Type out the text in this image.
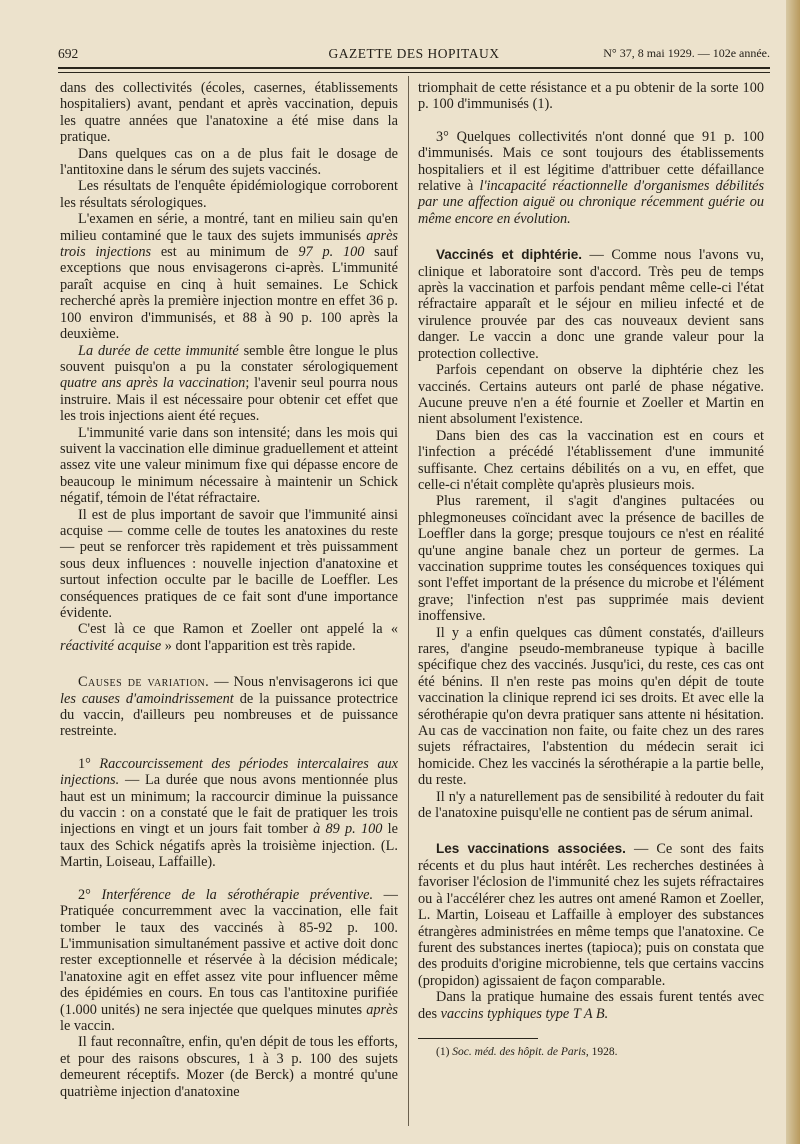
692	GAZETTE DES HOPITAUX	N° 37, 8 mai 1929. — 102e année.

dans des collectivités (écoles, casernes, établissements hospitaliers) avant, pendant et après vaccination, depuis les quatre années que l'anatoxine a été mise dans la pratique.

Dans quelques cas on a de plus fait le dosage de l'antitoxine dans le sérum des sujets vaccinés.

Les résultats de l'enquête épidémiologique corroborent les résultats sérologiques.

L'examen en série, a montré, tant en milieu sain qu'en milieu contaminé que le taux des sujets immunisés après trois injections est au minimum de 97 p. 100 sauf exceptions que nous envisagerons ci-après. L'immunité paraît acquise en cinq à huit semaines. Le Schick recherché après la première injection montre en effet 36 p. 100 environ d'immunisés, et 88 à 90 p. 100 après la deuxième.

La durée de cette immunité semble être longue le plus souvent puisqu'on a pu la constater sérologiquement quatre ans après la vaccination; l'avenir seul pourra nous instruire. Mais il est nécessaire pour obtenir cet effet que les trois injections aient été reçues.

L'immunité varie dans son intensité; dans les mois qui suivent la vaccination elle diminue graduellement et atteint assez vite une valeur minimum fixe qui dépasse encore de beaucoup le minimum nécessaire à maintenir un Schick négatif, témoin de l'état réfractaire.

Il est de plus important de savoir que l'immunité ainsi acquise — comme celle de toutes les anatoxines du reste — peut se renforcer très rapidement et très puissamment sous deux influences : nouvelle injection d'anatoxine et surtout infection occulte par le bacille de Loeffler. Les conséquences pratiques de ce fait sont d'une importance évidente.

C'est là ce que Ramon et Zoeller ont appelé la « réactivité acquise » dont l'apparition est très rapide.

Causes de variation. — Nous n'envisagerons ici que les causes d'amoindrissement de la puissance protectrice du vaccin, d'ailleurs peu nombreuses et de puissance restreinte.

1° Raccourcissement des périodes intercalaires aux injections. — La durée que nous avons mentionnée plus haut est un minimum; la raccourcir diminue la puissance du vaccin : on a constaté que le fait de pratiquer les trois injections en vingt et un jours fait tomber à 89 p. 100 le taux des Schick négatifs après la troisième injection. (L. Martin, Loiseau, Laffaille).

2° Interférence de la sérothérapie préventive. — Pratiquée concurremment avec la vaccination, elle fait tomber le taux des vaccinés à 85-92 p. 100. L'immunisation simultanément passive et active doit donc rester exceptionnelle et réservée à la décision médicale; l'anatoxine agit en effet assez vite pour influencer même des épidémies en cours. En tous cas l'antitoxine purifiée (1.000 unités) ne sera injectée que quelques minutes après le vaccin.

Il faut reconnaître, enfin, qu'en dépit de tous les efforts, et pour des raisons obscures, 1 à 3 p. 100 des sujets demeurent réceptifs. Mozer (de Berck) a montré qu'une quatrième injection d'anatoxine

triomphait de cette résistance et a pu obtenir de la sorte 100 p. 100 d'immunisés (1).

3° Quelques collectivités n'ont donné que 91 p. 100 d'immunisés. Mais ce sont toujours des établissements hospitaliers et il est légitime d'attribuer cette défaillance relative à l'incapacité réactionnelle d'organismes débilités par une affection aiguë ou chronique récemment guérie ou même encore en évolution.

Vaccinés et diphtérie. — Comme nous l'avons vu, clinique et laboratoire sont d'accord. Très peu de temps après la vaccination et parfois pendant même celle-ci l'état réfractaire apparaît et le séjour en milieu infecté et de virulence prouvée par des cas nouveaux devient sans danger. Le vaccin a donc une grande valeur pour la protection collective.

Parfois cependant on observe la diphtérie chez les vaccinés. Certains auteurs ont parlé de phase négative. Aucune preuve n'en a été fournie et Zoeller et Martin en nient absolument l'existence.

Dans bien des cas la vaccination est en cours et l'infection a précédé l'établissement d'une immunité suffisante. Chez certains débilités on a vu, en effet, que celle-ci n'était complète qu'après plusieurs mois.

Plus rarement, il s'agit d'angines pultacées ou phlegmoneuses coïncidant avec la présence de bacilles de Loeffler dans la gorge; presque toujours ce n'est en réalité qu'une angine banale chez un porteur de germes. La vaccination supprime toutes les conséquences toxiques qui sont l'effet important de la présence du microbe et l'élément grave; l'infection n'est pas supprimée mais devient inoffensive.

Il y a enfin quelques cas dûment constatés, d'ailleurs rares, d'angine pseudo-membraneuse typique à bacille spécifique chez des vaccinés. Jusqu'ici, du reste, ces cas ont été bénins. Il n'en reste pas moins qu'en dépit de toute vaccination la clinique reprend ici ses droits. Et avec elle la sérothérapie qu'on devra pratiquer sans attente ni hésitation. Au cas de vaccination non faite, ou faite chez un des rares sujets réfractaires, l'abstention du médecin serait ici homicide. Chez les vaccinés la sérothérapie a la partie belle, du reste.

Il n'y a naturellement pas de sensibilité à redouter du fait de l'anatoxine puisqu'elle ne contient pas de sérum animal.

Les vaccinations associées. — Ce sont des faits récents et du plus haut intérêt. Les recherches destinées à favoriser l'éclosion de l'immunité chez les sujets réfractaires ou à l'accélérer chez les autres ont amené Ramon et Zoeller, L. Martin, Loiseau et Laffaille à employer des substances étrangères administrées en même temps que l'anatoxine. Ce furent des substances inertes (tapioca); puis on constata que des produits d'origine microbienne, tels que certains vaccins (propidon) agissaient de façon comparable.

Dans la pratique humaine des essais furent tentés avec des vaccins typhiques type T A B.

(1) Soc. méd. des hôpit. de Paris, 1928.
